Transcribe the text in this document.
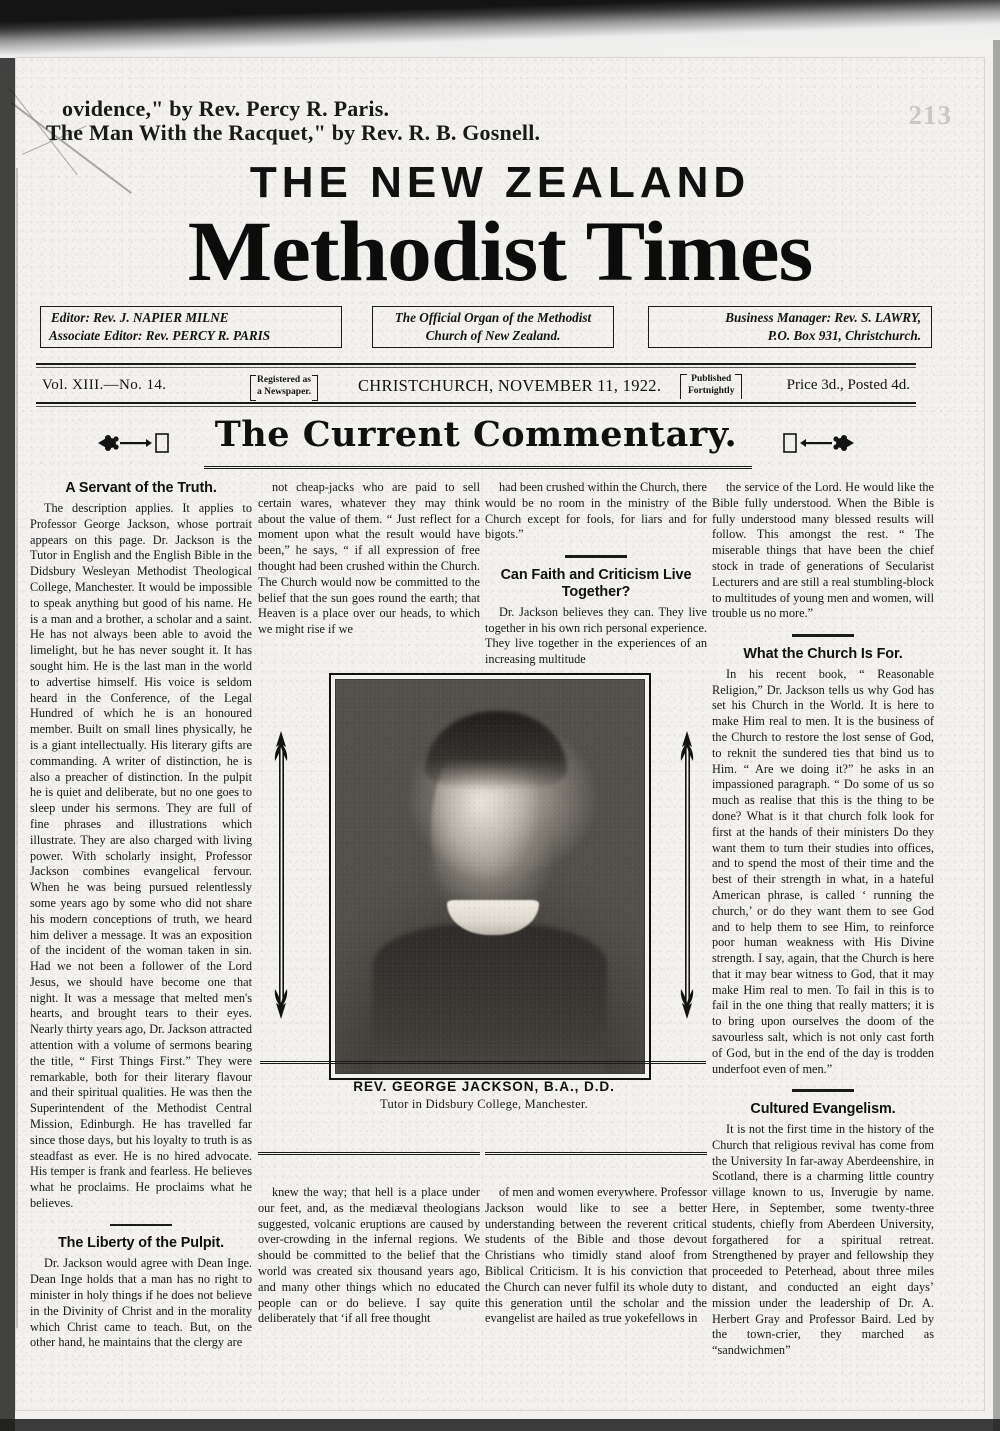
ovidence," by Rev. Percy R. Paris.
The Man With the Racquet," by Rev. R. B. Gosnell.
213
THE NEW ZEALAND
Methodist Times
Editor: Rev. J. NAPIER MILNE
Associate Editor: Rev. PERCY R. PARIS
The Official Organ of the Methodist
Church of New Zealand.
Business Manager: Rev. S. LAWRY,
P.O. Box 931, Christchurch.
Vol. XIII.—No. 14.	Registered as
a Newspaper.	CHRISTCHURCH, NOVEMBER 11, 1922.	Published
Fortnightly	Price 3d., Posted 4d.
The Current Commentary.
A Servant of the Truth.

The description applies. It applies to Professor George Jackson, whose portrait appears on this page. Dr. Jackson is the Tutor in English and the English Bible in the Didsbury Wesleyan Methodist Theological College, Manchester. It would be impossible to speak anything but good of his name. He is a man and a brother, a scholar and a saint. He has not always been able to avoid the limelight, but he has never sought it. It has sought him. He is the last man in the world to advertise himself. His voice is seldom heard in the Conference, of the Legal Hundred of which he is an honoured member. Built on small lines physically, he is a giant intellectually. His literary gifts are commanding. A writer of distinction, he is also a preacher of distinction. In the pulpit he is quiet and deliberate, but no one goes to sleep under his sermons. They are full of fine phrases and illustrations which illustrate. They are also charged with living power. With scholarly insight, Professor Jackson combines evangelical fervour. When he was being pursued relentlessly some years ago by some who did not share his modern conceptions of truth, we heard him deliver a message. It was an exposition of the incident of the woman taken in sin. Had we not been a follower of the Lord Jesus, we should have become one that night. It was a message that melted men's hearts, and brought tears to their eyes. Nearly thirty years ago, Dr. Jackson attracted attention with a volume of sermons bearing the title, “ First Things First.” They were remarkable, both for their literary flavour and their spiritual qualities. He was then the Superintendent of the Methodist Central Mission, Edinburgh. He has travelled far since those days, but his loyalty to truth is as steadfast as ever. He is no hired advocate. His temper is frank and fearless. He believes what he proclaims. He proclaims what he believes.

The Liberty of the Pulpit.

Dr. Jackson would agree with Dean Inge. Dean Inge holds that a man has no right to minister in holy things if he does not believe in the Divinity of Christ and in the morality which Christ came to teach. But, on the other hand, he maintains that the clergy are

not cheap-jacks who are paid to sell certain wares, whatever they may think about the value of them. “ Just reflect for a moment upon what the result would have been,” he says, “ if all expression of free thought had been crushed within the Church. The Church would now be committed to the belief that the sun goes round the earth; that Heaven is a place over our heads, to which we might rise if we

knew the way; that hell is a place under our feet, and, as the mediæval theologians suggested, volcanic eruptions are caused by over-crowding in the infernal regions. We should be committed to the belief that the world was created six thousand years ago, and many other things which no educated people can or do believe. I say quite deliberately that ‘if all free thought

had been crushed within the Church, there would be no room in the ministry of the Church except for fools, for liars and for bigots.”

Can Faith and Criticism Live Together?

Dr. Jackson believes they can. They live together in his own rich personal experience. They live together in the experiences of an increasing multitude

of men and women everywhere. Professor Jackson would like to see a better understanding between the reverent critical students of the Bible and those devout Christians who timidly stand aloof from Biblical Criticism. It is his conviction that the Church can never fulfil its whole duty to this generation until the scholar and the evangelist are hailed as true yokefellows in

the service of the Lord. He would like the Bible fully understood. When the Bible is fully understood many blessed results will follow. This amongst the rest. “ The miserable things that have been the chief stock in trade of generations of Secularist Lecturers and are still a real stumbling-block to multitudes of young men and women, will trouble us no more.”

What the Church Is For.

In his recent book, “ Reasonable Religion,” Dr. Jackson tells us why God has set his Church in the World. It is here to make Him real to men. It is the business of the Church to restore the lost sense of God, to reknit the sundered ties that bind us to Him. “ Are we doing it?” he asks in an impassioned paragraph. “ Do some of us so much as realise that this is the thing to be done? What is it that church folk look for first at the hands of their ministers Do they want them to turn their studies into offices, and to spend the most of their time and the best of their strength in what, in a hateful American phrase, is called ‘ running the church,’ or do they want them to see God and to help them to see Him, to reinforce poor human weakness with His Divine strength. I say, again, that the Church is here that it may bear witness to God, that it may make Him real to men. To fail in this is to fail in the one thing that really matters; it is to bring upon ourselves the doom of the savourless salt, which is not only cast forth of God, but in the end of the day is trodden underfoot even of men.”

Cultured Evangelism.

It is not the first time in the history of the Church that religious revival has come from the University In far-away Aberdeenshire, in Scotland, there is a charming little country village known to us, Inverugie by name. Here, in September, some twenty-three students, chiefly from Aberdeen University, forgathered for a spiritual retreat. Strengthened by prayer and fellowship they proceeded to Peterhead, about three miles distant, and conducted an eight days’ mission under the leadership of Dr. A. Herbert Gray and Professor Baird. Led by the town-crier, they marched as “sandwichmen”

REV. GEORGE JACKSON, B.A., D.D.
Tutor in Didsbury College, Manchester.
